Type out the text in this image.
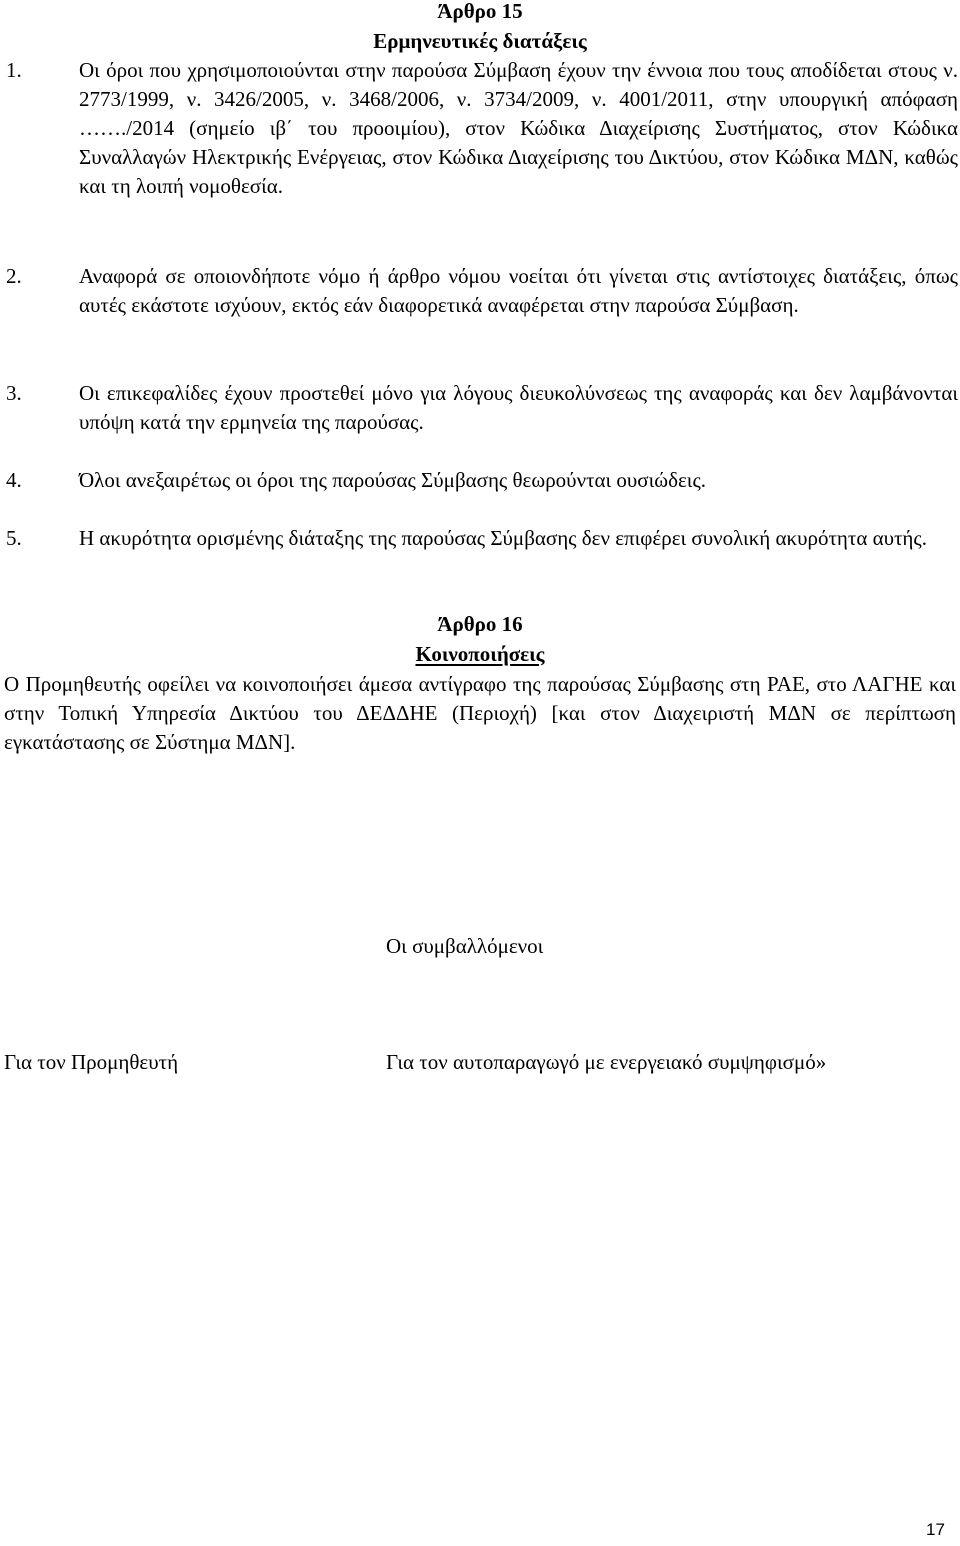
Άρθρο 15
Ερμηνευτικές διατάξεις
1.	Οι όροι που χρησιμοποιούνται στην παρούσα Σύμβαση έχουν την έννοια που τους αποδίδεται στους ν. 2773/1999, ν. 3426/2005, ν. 3468/2006, ν. 3734/2009, ν. 4001/2011, στην υπουργική απόφαση ……./2014 (σημείο ιβ΄ του προοιμίου), στον Κώδικα Διαχείρισης Συστήματος, στον Κώδικα Συναλλαγών Ηλεκτρικής Ενέργειας, στον Κώδικα Διαχείρισης του Δικτύου, στον Κώδικα ΜΔΝ, καθώς και τη λοιπή νομοθεσία.
2.	Αναφορά σε οποιονδήποτε νόμο ή άρθρο νόμου νοείται ότι γίνεται στις αντίστοιχες διατάξεις, όπως αυτές εκάστοτε ισχύουν, εκτός εάν διαφορετικά αναφέρεται στην παρούσα Σύμβαση.
3.	Οι επικεφαλίδες έχουν προστεθεί μόνο για λόγους διευκολύνσεως της αναφοράς και δεν λαμβάνονται υπόψη κατά την ερμηνεία της παρούσας.
4.	Όλοι ανεξαιρέτως οι όροι της παρούσας Σύμβασης θεωρούνται ουσιώδεις.
5.	Η ακυρότητα ορισμένης διάταξης της παρούσας Σύμβασης δεν επιφέρει συνολική ακυρότητα αυτής.
Άρθρο 16
Κοινοποιήσεις
Ο Προμηθευτής οφείλει να κοινοποιήσει άμεσα αντίγραφο της παρούσας Σύμβασης στη ΡΑΕ, στο ΛΑΓΗΕ και στην Τοπική Υπηρεσία Δικτύου του ΔΕΔΔΗΕ (Περιοχή) [και στον Διαχειριστή ΜΔΝ σε περίπτωση εγκατάστασης σε Σύστημα ΜΔΝ].
Οι συμβαλλόμενοι
Για τον Προμηθευτή	Για τον αυτοπαραγωγό με ενεργειακό συμψηφισμό»
17
